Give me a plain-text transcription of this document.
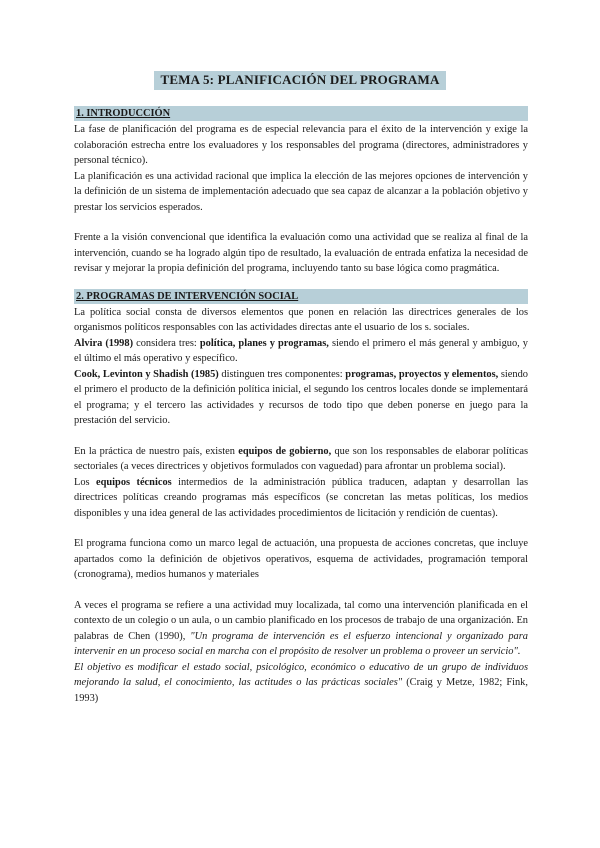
TEMA 5: PLANIFICACIÓN DEL PROGRAMA
1. INTRODUCCIÓN

La fase de planificación del programa es de especial relevancia para el éxito de la intervención y exige la colaboración estrecha entre los evaluadores y los responsables del programa (directores, administradores y personal técnico).

La planificación es una actividad racional que implica la elección de las mejores opciones de intervención y la definición de un sistema de implementación adecuado que sea capaz de alcanzar a la población objetivo y prestar los servicios esperados.

Frente a la visión convencional que identifica la evaluación como una actividad que se realiza al final de la intervención, cuando se ha logrado algún tipo de resultado, la evaluación de entrada enfatiza la necesidad de revisar y mejorar la propia definición del programa, incluyendo tanto su base lógica como pragmática.

2. PROGRAMAS DE INTERVENCIÓN SOCIAL

La política social consta de diversos elementos que ponen en relación las directrices generales de los organismos políticos responsables con las actividades directas ante el usuario de los s. sociales.

Alvira (1998) considera tres: política, planes y programas, siendo el primero el más general y ambiguo, y el último el más operativo y específico.

Cook, Levinton y Shadish (1985) distinguen tres componentes: programas, proyectos y elementos, siendo el primero el producto de la definición política inicial, el segundo los centros locales donde se implementará el programa; y el tercero las actividades y recursos de todo tipo que deben ponerse en juego para la prestación del servicio.

En la práctica de nuestro país, existen equipos de gobierno, que son los responsables de elaborar políticas sectoriales (a veces directrices y objetivos formulados con vaguedad) para afrontar un problema social).

Los equipos técnicos intermedios de la administración pública traducen, adaptan y desarrollan las directrices políticas creando programas más específicos (se concretan las metas políticas, los medios disponibles y una idea general de las actividades procedimientos de licitación y rendición de cuentas).

El programa funciona como un marco legal de actuación, una propuesta de acciones concretas, que incluye apartados como la definición de objetivos operativos, esquema de actividades, programación temporal (cronograma), medios humanos y materiales

A veces el programa se refiere a una actividad muy localizada, tal como una intervención planificada en el contexto de un colegio o un aula, o un cambio planificado en los procesos de trabajo de una organización. En palabras de Chen (1990), "Un programa de intervención es el esfuerzo intencional y organizado para intervenir en un proceso social en marcha con el propósito de resolver un problema o proveer un servicio".

El objetivo es modificar el estado social, psicológico, económico o educativo de un grupo de individuos mejorando la salud, el conocimiento, las actitudes o las prácticas sociales" (Craig y Metze, 1982; Fink, 1993)
